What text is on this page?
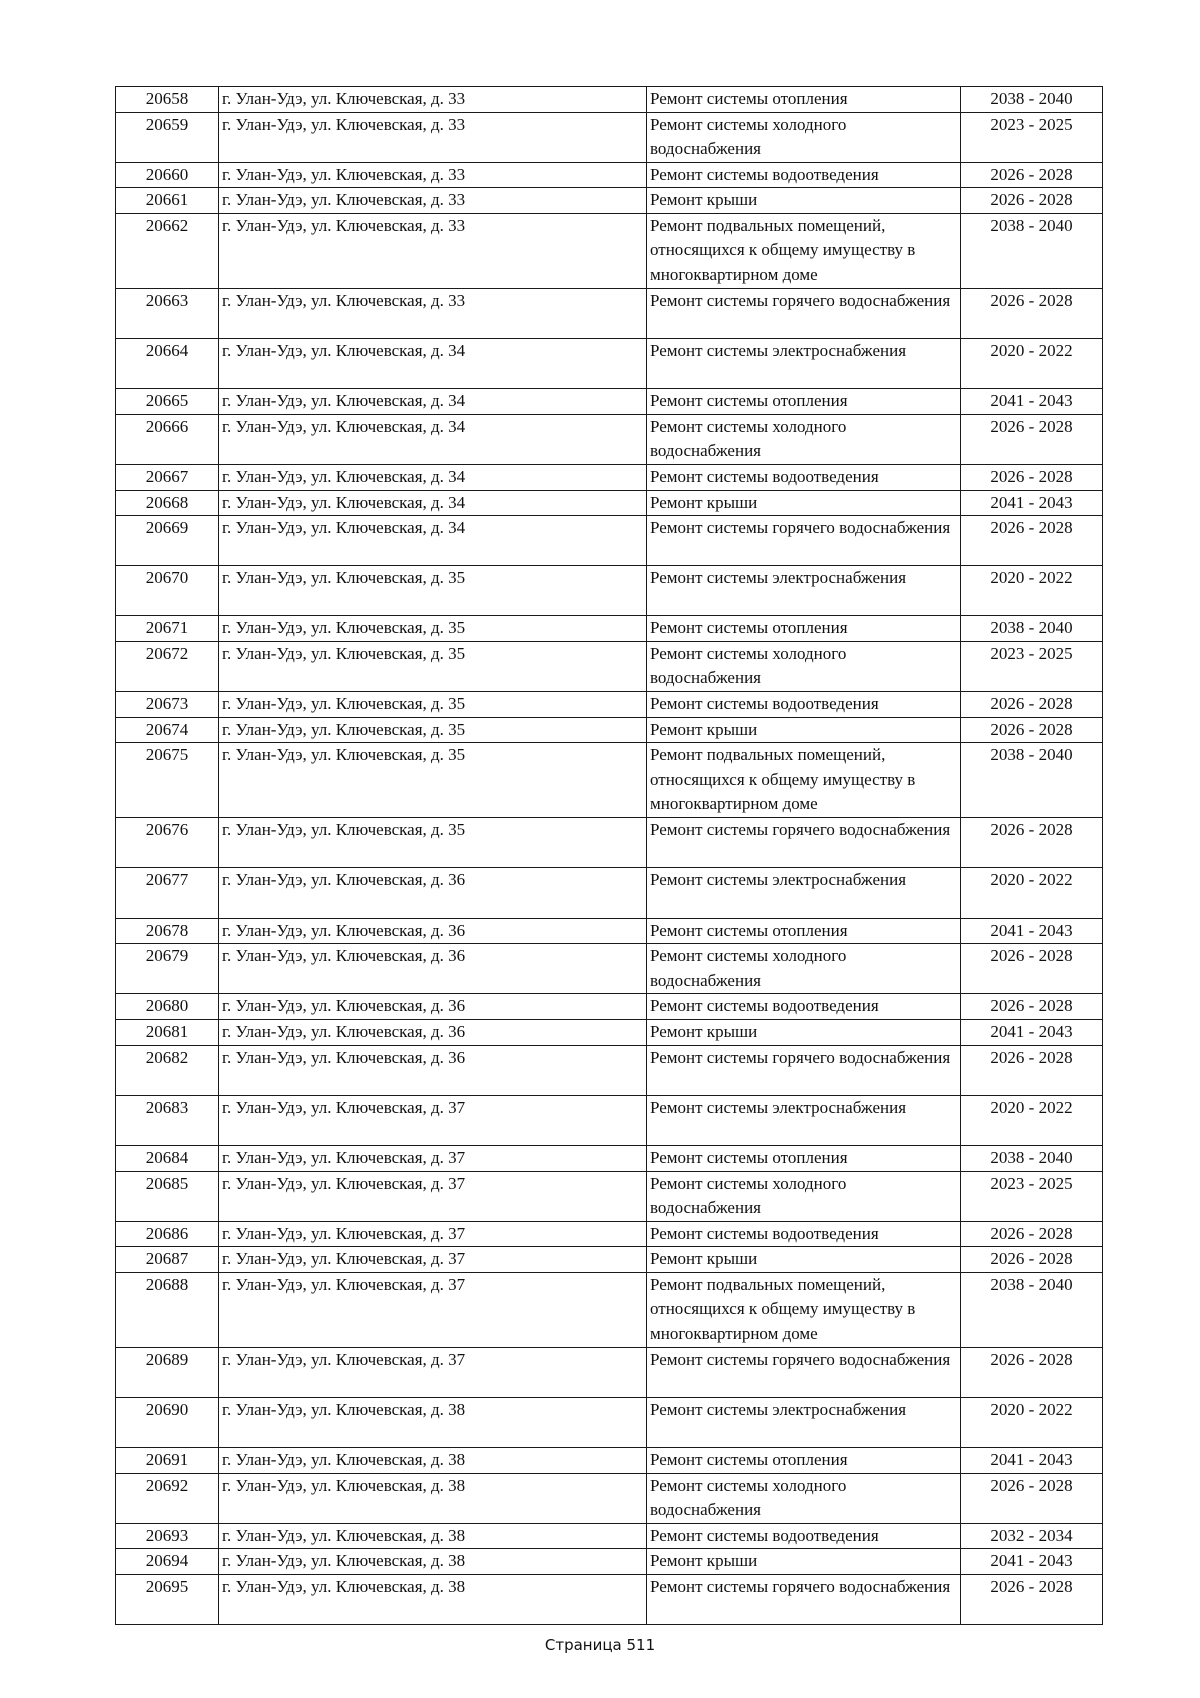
20658	г. Улан-Удэ, ул. Ключевская, д. 33	Ремонт системы отопления	2038 - 2040
20659	г. Улан-Удэ, ул. Ключевская, д. 33	Ремонт системы холодного водоснабжения	2023 - 2025
20660	г. Улан-Удэ, ул. Ключевская, д. 33	Ремонт системы водоотведения	2026 - 2028
20661	г. Улан-Удэ, ул. Ключевская, д. 33	Ремонт крыши	2026 - 2028
20662	г. Улан-Удэ, ул. Ключевская, д. 33	Ремонт подвальных помещений, относящихся к общему имуществу в многоквартирном доме	2038 - 2040
20663	г. Улан-Удэ, ул. Ключевская, д. 33	Ремонт системы горячего водоснабжения	2026 - 2028
20664	г. Улан-Удэ, ул. Ключевская, д. 34	Ремонт системы электроснабжения	2020 - 2022
20665	г. Улан-Удэ, ул. Ключевская, д. 34	Ремонт системы отопления	2041 - 2043
20666	г. Улан-Удэ, ул. Ключевская, д. 34	Ремонт системы холодного водоснабжения	2026 - 2028
20667	г. Улан-Удэ, ул. Ключевская, д. 34	Ремонт системы водоотведения	2026 - 2028
20668	г. Улан-Удэ, ул. Ключевская, д. 34	Ремонт крыши	2041 - 2043
20669	г. Улан-Удэ, ул. Ключевская, д. 34	Ремонт системы горячего водоснабжения	2026 - 2028
20670	г. Улан-Удэ, ул. Ключевская, д. 35	Ремонт системы электроснабжения	2020 - 2022
20671	г. Улан-Удэ, ул. Ключевская, д. 35	Ремонт системы отопления	2038 - 2040
20672	г. Улан-Удэ, ул. Ключевская, д. 35	Ремонт системы холодного водоснабжения	2023 - 2025
20673	г. Улан-Удэ, ул. Ключевская, д. 35	Ремонт системы водоотведения	2026 - 2028
20674	г. Улан-Удэ, ул. Ключевская, д. 35	Ремонт крыши	2026 - 2028
20675	г. Улан-Удэ, ул. Ключевская, д. 35	Ремонт подвальных помещений, относящихся к общему имуществу в многоквартирном доме	2038 - 2040
20676	г. Улан-Удэ, ул. Ключевская, д. 35	Ремонт системы горячего водоснабжения	2026 - 2028
20677	г. Улан-Удэ, ул. Ключевская, д. 36	Ремонт системы электроснабжения	2020 - 2022
20678	г. Улан-Удэ, ул. Ключевская, д. 36	Ремонт системы отопления	2041 - 2043
20679	г. Улан-Удэ, ул. Ключевская, д. 36	Ремонт системы холодного водоснабжения	2026 - 2028
20680	г. Улан-Удэ, ул. Ключевская, д. 36	Ремонт системы водоотведения	2026 - 2028
20681	г. Улан-Удэ, ул. Ключевская, д. 36	Ремонт крыши	2041 - 2043
20682	г. Улан-Удэ, ул. Ключевская, д. 36	Ремонт системы горячего водоснабжения	2026 - 2028
20683	г. Улан-Удэ, ул. Ключевская, д. 37	Ремонт системы электроснабжения	2020 - 2022
20684	г. Улан-Удэ, ул. Ключевская, д. 37	Ремонт системы отопления	2038 - 2040
20685	г. Улан-Удэ, ул. Ключевская, д. 37	Ремонт системы холодного водоснабжения	2023 - 2025
20686	г. Улан-Удэ, ул. Ключевская, д. 37	Ремонт системы водоотведения	2026 - 2028
20687	г. Улан-Удэ, ул. Ключевская, д. 37	Ремонт крыши	2026 - 2028
20688	г. Улан-Удэ, ул. Ключевская, д. 37	Ремонт подвальных помещений, относящихся к общему имуществу в многоквартирном доме	2038 - 2040
20689	г. Улан-Удэ, ул. Ключевская, д. 37	Ремонт системы горячего водоснабжения	2026 - 2028
20690	г. Улан-Удэ, ул. Ключевская, д. 38	Ремонт системы электроснабжения	2020 - 2022
20691	г. Улан-Удэ, ул. Ключевская, д. 38	Ремонт системы отопления	2041 - 2043
20692	г. Улан-Удэ, ул. Ключевская, д. 38	Ремонт системы холодного водоснабжения	2026 - 2028
20693	г. Улан-Удэ, ул. Ключевская, д. 38	Ремонт системы водоотведения	2032 - 2034
20694	г. Улан-Удэ, ул. Ключевская, д. 38	Ремонт крыши	2041 - 2043
20695	г. Улан-Удэ, ул. Ключевская, д. 38	Ремонт системы горячего водоснабжения	2026 - 2028
Страница 511
